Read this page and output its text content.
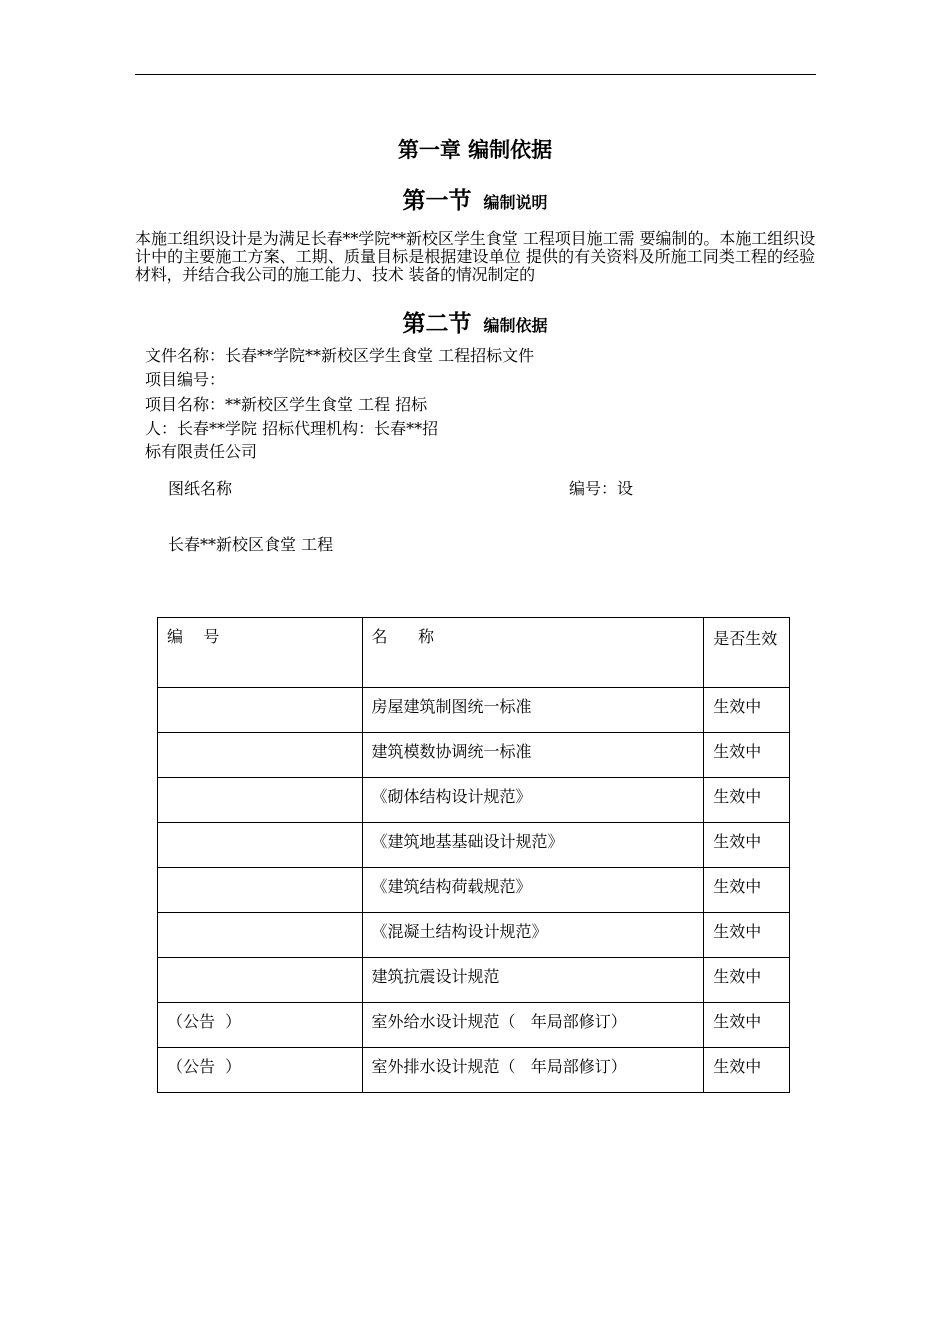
第一章 编制依据
第一节 编制说明
本施工组织设计是为满足长春**学院**新校区学生食堂 工程项目施工需 要编制的。本施工组织设计中的主要施工方案、工期、质量目标是根据建设单位 提供的有关资料及所施工同类工程的经验材料，并结合我公司的施工能力、技术 装备的情况制定的
第二节 编制依据
文件名称：长春**学院**新校区学生食堂 工程招标文件
项目编号：
项目名称：**新校区学生食堂 工程 招标
人：长春**学院 招标代理机构：长春**招
标有限责任公司
图纸名称	编号：设
长春**新校区食堂 工程
编    号	名      称	是否生效
	房屋建筑制图统一标准	生效中
	建筑模数协调统一标准	生效中
	《砌体结构设计规范》	生效中
	《建筑地基基础设计规范》	生效中
	《建筑结构荷载规范》	生效中
	《混凝土结构设计规范》	生效中
	建筑抗震设计规范	生效中
（公告  ）	室外给水设计规范（   年局部修订）	生效中
（公告  ）	室外排水设计规范（   年局部修订）	生效中
